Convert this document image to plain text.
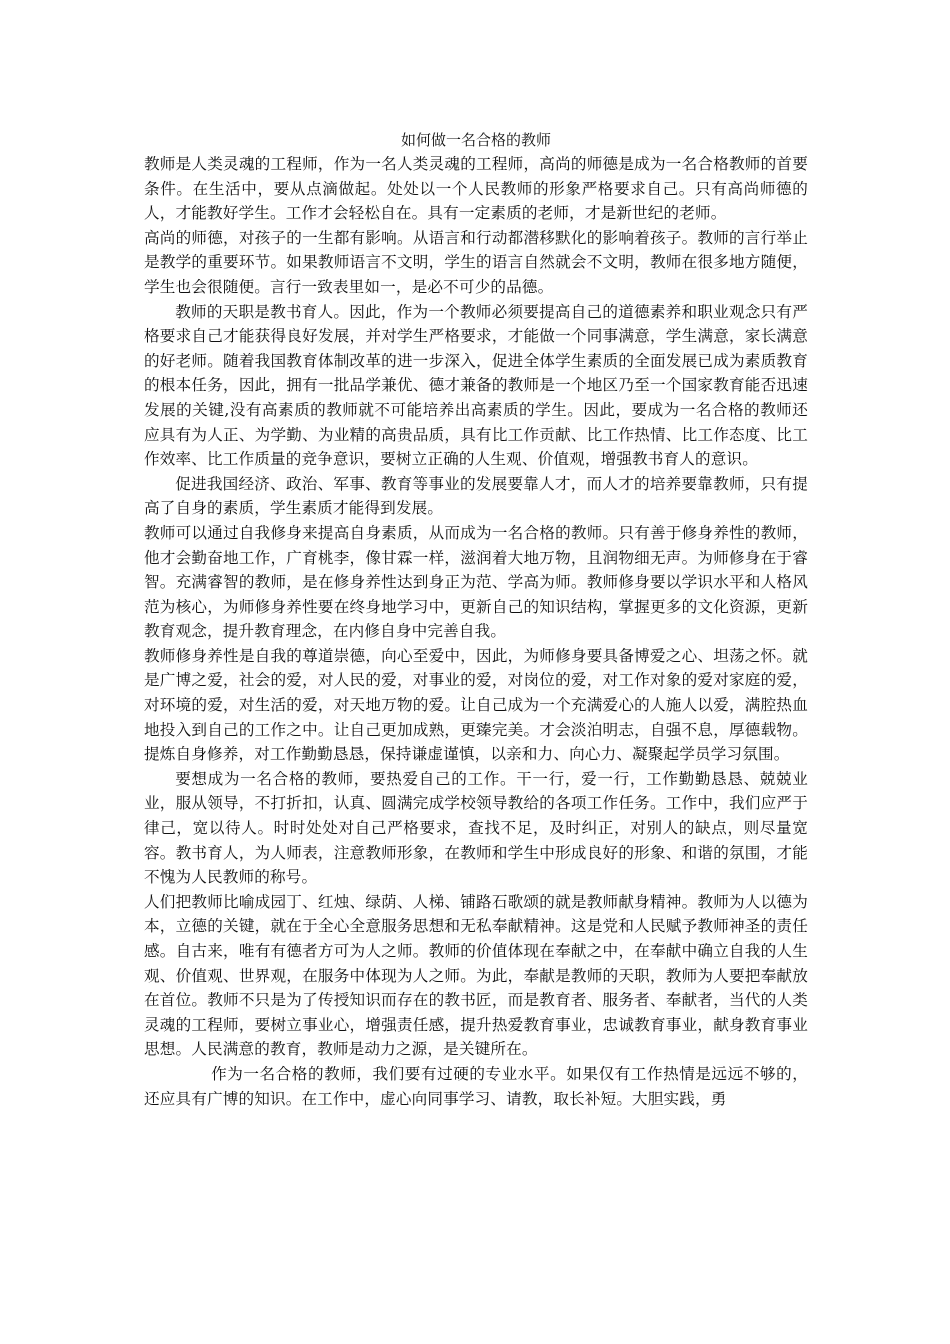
如何做一名合格的教师

教师是人类灵魂的工程师，作为一名人类灵魂的工程师，高尚的师德是成为一名合格教师的首要条件。在生活中，要从点滴做起。处处以一个人民教师的形象严格要求自己。只有高尚师德的人，才能教好学生。工作才会轻松自在。具有一定素质的老师，才是新世纪的老师。

高尚的师德，对孩子的一生都有影响。从语言和行动都潜移默化的影响着孩子。教师的言行举止是教学的重要环节。如果教师语言不文明，学生的语言自然就会不文明，教师在很多地方随便，学生也会很随便。言行一致表里如一，是必不可少的品德。

教师的天职是教书育人。因此，作为一个教师必须要提高自己的道德素养和职业观念只有严格要求自己才能获得良好发展，并对学生严格要求，才能做一个同事满意，学生满意，家长满意的好老师。随着我国教育体制改革的进一步深入，促进全体学生素质的全面发展已成为素质教育的根本任务，因此，拥有一批品学兼优、德才兼备的教师是一个地区乃至一个国家教育能否迅速发展的关键,没有高素质的教师就不可能培养出高素质的学生。因此，要成为一名合格的教师还应具有为人正、为学勤、为业精的高贵品质，具有比工作贡献、比工作热情、比工作态度、比工作效率、比工作质量的竞争意识，要树立正确的人生观、价值观，增强教书育人的意识。

促进我国经济、政治、军事、教育等事业的发展要靠人才，而人才的培养要靠教师，只有提高了自身的素质，学生素质才能得到发展。

教师可以通过自我修身来提高自身素质，从而成为一名合格的教师。只有善于修身养性的教师，他才会勤奋地工作，广育桃李，像甘霖一样，滋润着大地万物，且润物细无声。为师修身在于睿智。充满睿智的教师，是在修身养性达到身正为范、学高为师。教师修身要以学识水平和人格风范为核心，为师修身养性要在终身地学习中，更新自己的知识结构，掌握更多的文化资源，更新教育观念，提升教育理念，在内修自身中完善自我。

教师修身养性是自我的尊道崇德，向心至爱中，因此，为师修身要具备博爱之心、坦荡之怀。就是广博之爱，社会的爱，对人民的爱，对事业的爱，对岗位的爱，对工作对象的爱对家庭的爱，对环境的爱，对生活的爱，对天地万物的爱。让自己成为一个充满爱心的人施人以爱，满腔热血地投入到自己的工作之中。让自己更加成熟，更臻完美。才会淡泊明志，自强不息，厚德载物。提炼自身修养，对工作勤勤恳恳，保持谦虚谨慎，以亲和力、向心力、凝聚起学员学习氛围。

要想成为一名合格的教师，要热爱自己的工作。干一行，爱一行，工作勤勤恳恳、兢兢业业，服从领导，不打折扣，认真、圆满完成学校领导教给的各项工作任务。工作中，我们应严于律己，宽以待人。时时处处对自己严格要求，查找不足，及时纠正，对别人的缺点，则尽量宽容。教书育人，为人师表，注意教师形象，在教师和学生中形成良好的形象、和谐的氛围，才能不愧为人民教师的称号。

人们把教师比喻成园丁、红烛、绿荫、人梯、铺路石歌颂的就是教师献身精神。教师为人以德为本，立德的关键，就在于全心全意服务思想和无私奉献精神。这是党和人民赋予教师神圣的责任感。自古来，唯有有德者方可为人之师。教师的价值体现在奉献之中，在奉献中确立自我的人生观、价值观、世界观，在服务中体现为人之师。为此，奉献是教师的天职，教师为人要把奉献放在首位。教师不只是为了传授知识而存在的教书匠，而是教育者、服务者、奉献者，当代的人类灵魂的工程师，要树立事业心，增强责任感，提升热爱教育事业，忠诚教育事业，献身教育事业思想。人民满意的教育，教师是动力之源，是关键所在。

作为一名合格的教师，我们要有过硬的专业水平。如果仅有工作热情是远远不够的，还应具有广博的知识。在工作中，虚心向同事学习、请教，取长补短。大胆实践，勇
